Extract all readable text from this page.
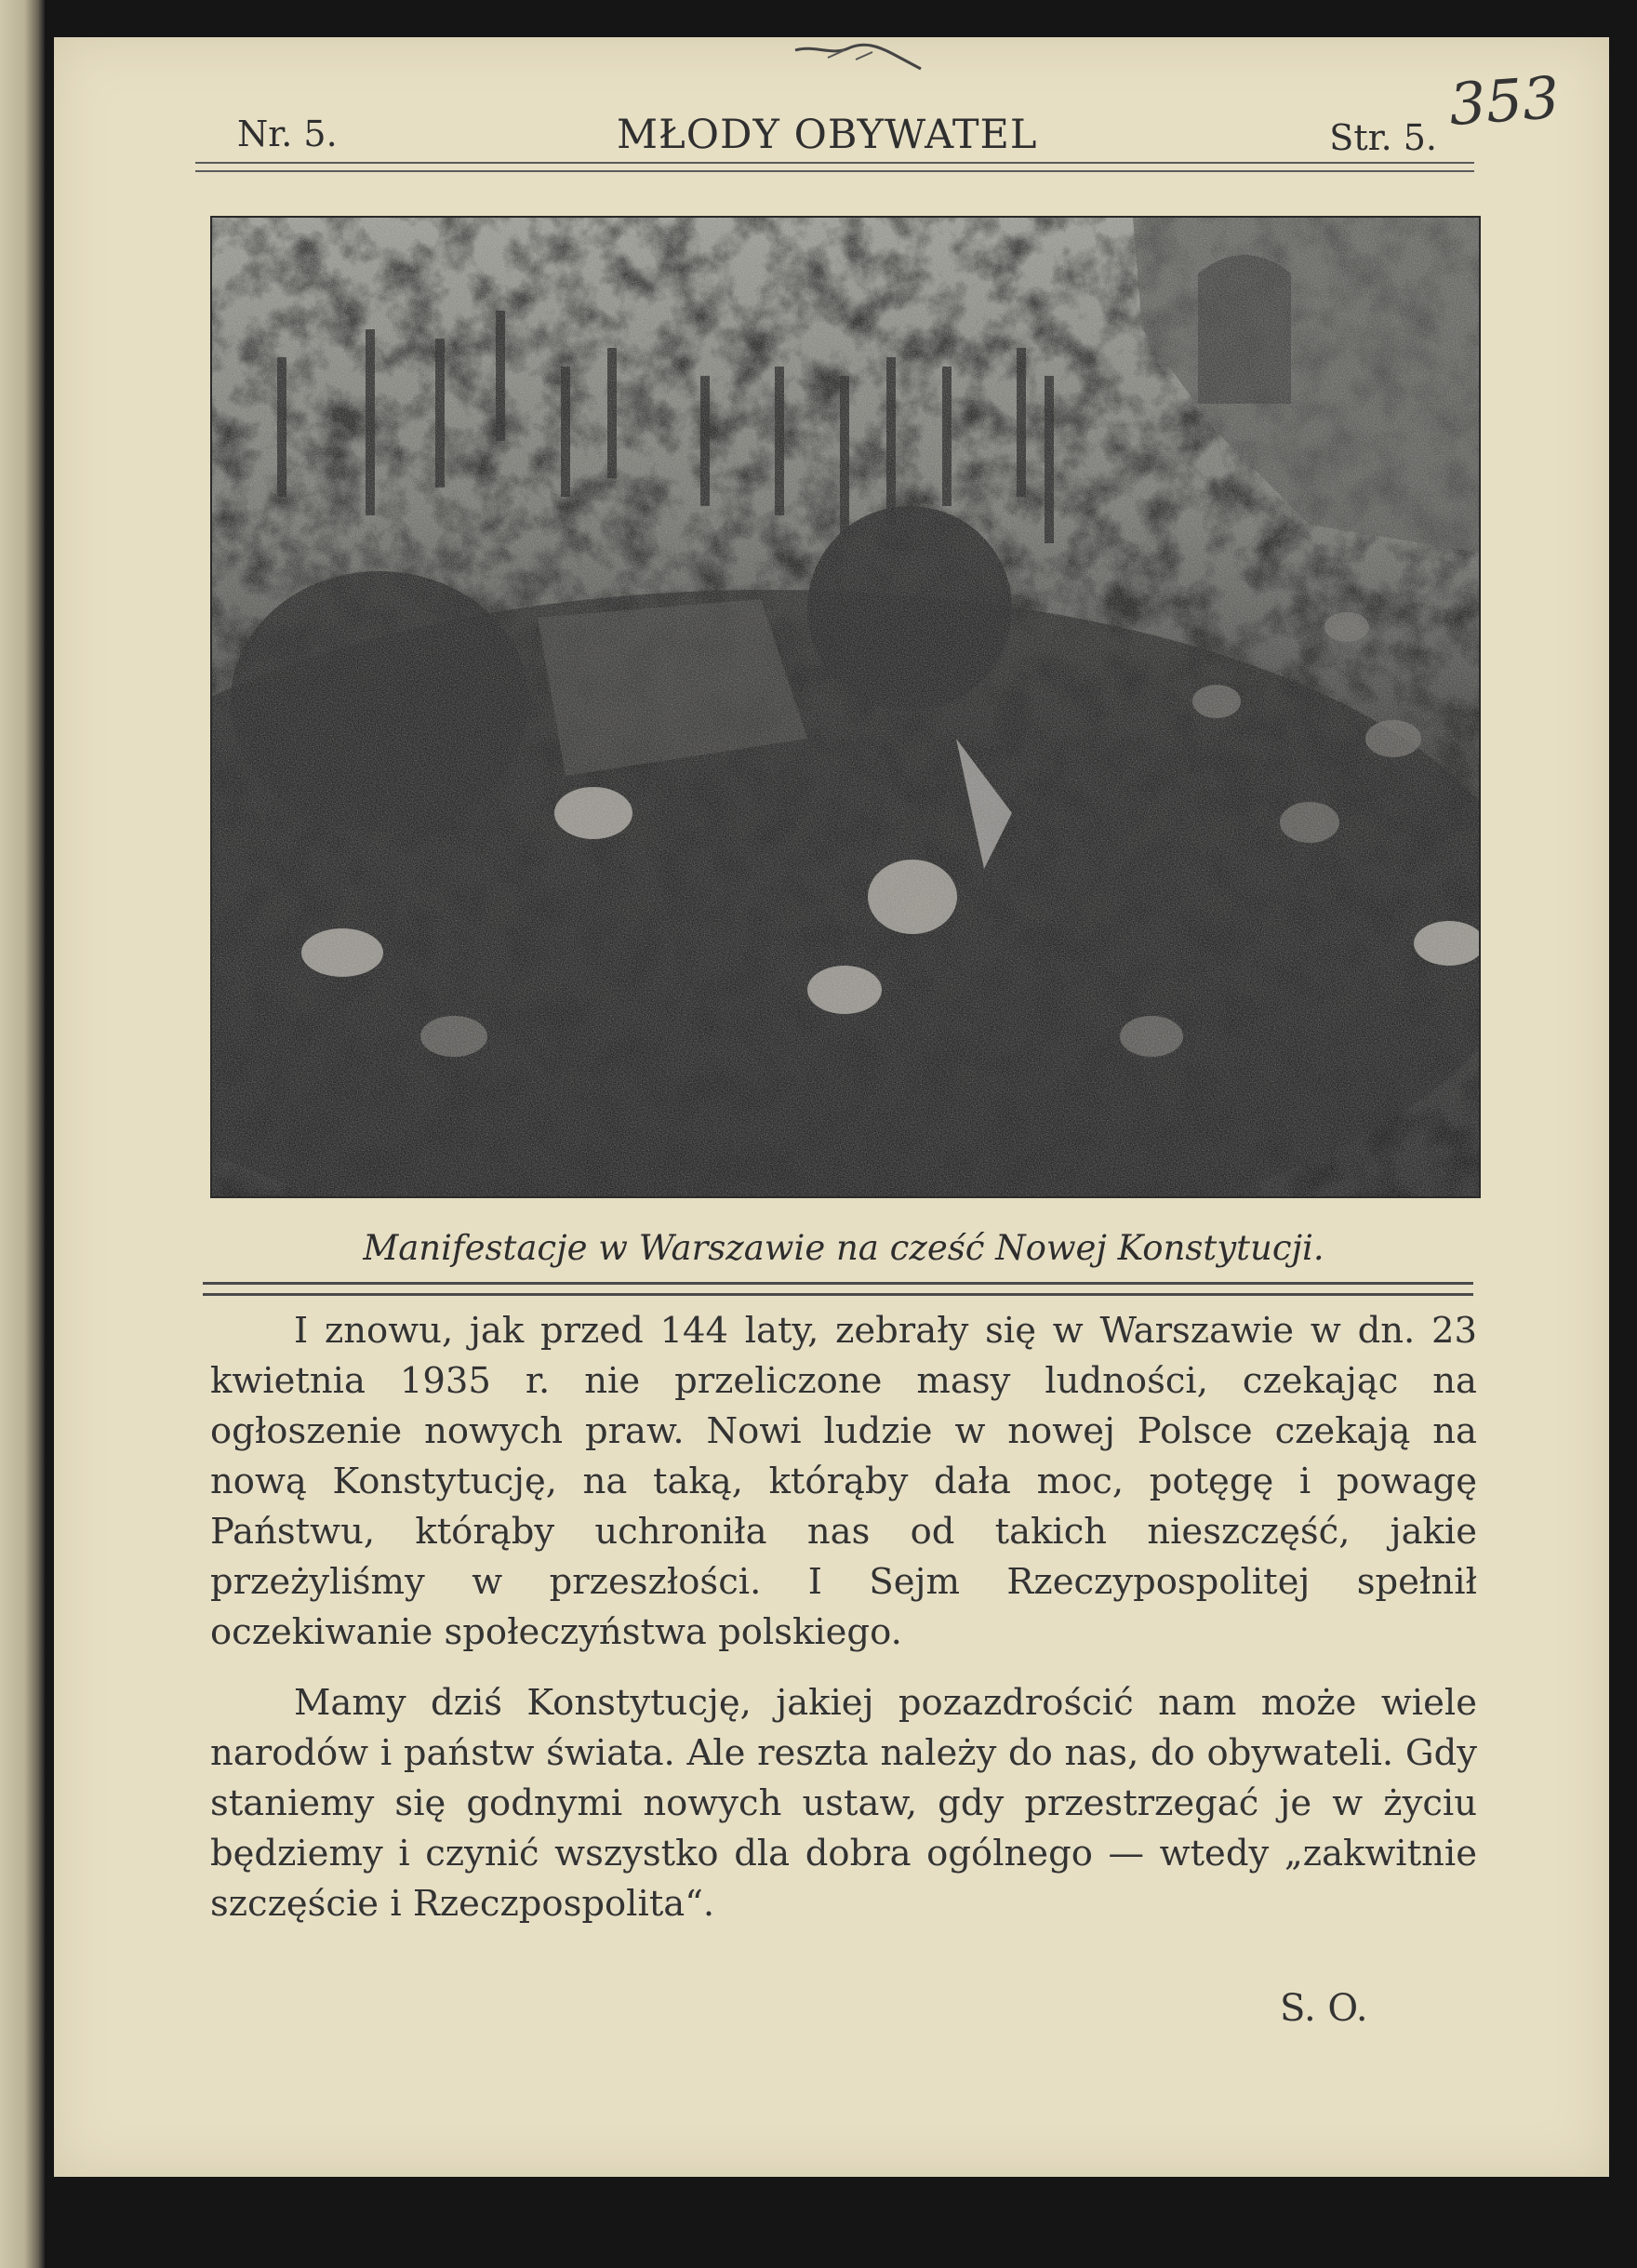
353
Nr. 5.	MŁODY OBYWATEL	Str. 5.
Manifestacje w Warszawie na cześć Nowej Konstytucji.

I znowu, jak przed 144 laty, zebrały się w Warszawie w dn. 23 kwietnia 1935 r. nie przeliczone masy ludności, czekając na ogłoszenie nowych praw. Nowi ludzie w nowej Polsce czekają na nową Konstytucję, na taką, którąby dała moc, potęgę i powagę Państwu, którąby uchroniła nas od takich nieszczęść, jakie przeżyliśmy w przeszłości. I Sejm Rzeczypospolitej spełnił oczekiwanie społeczyństwa polskiego.

Mamy dziś Konstytucję, jakiej pozazdrościć nam może wiele narodów i państw świata. Ale reszta należy do nas, do obywateli. Gdy staniemy się godnymi nowych ustaw, gdy przestrzegać je w życiu będziemy i czynić wszystko dla dobra ogólnego — wtedy „zakwitnie szczęście i Rzeczpospolita“.

S. O.
